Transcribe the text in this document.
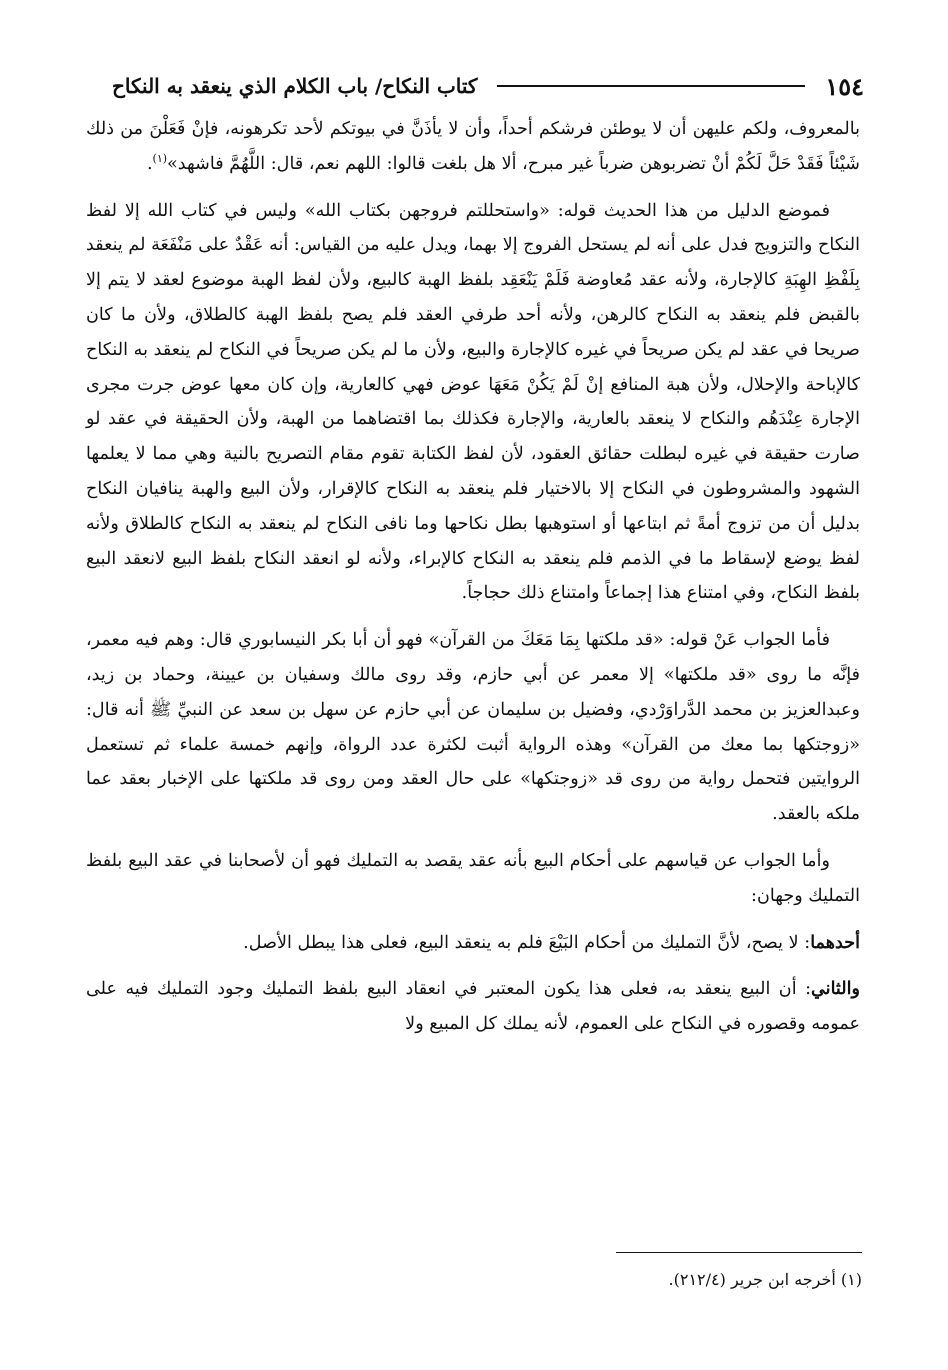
١٥٤
كتاب النكاح/ باب الكلام الذي ينعقد به النكاح

بالمعروف، ولكم عليهن أن لا يوطئن فرشكم أحداً، وأن لا يأذَنَّ في بيوتكم لأحد تكرهونه، فإنْ فَعَلْنَ من ذلك شَيْئاً فَقَدْ حَلَّ لَكُمْ أنْ تضربوهن ضرباً غير مبرح، ألا هل بلغت قالوا: اللهم نعم، قال: اللَّهُمَّ فاشهد»$^{(١)}$.

فموضع الدليل من هذا الحديث قوله: «واستحللتم فروجهن بكتاب الله» وليس في كتاب الله إلا لفظ النكاح والتزويج فدل على أنه لم يستحل الفروج إلا بهما، ويدل عليه من القياس: أنه عَقْدٌ على مَنْفَعَة لم ينعقد بِلَفْظِ الهِبَةِ كالإجارة، ولأنه عقد مُعاوضة فَلَمْ يَنْعَقِد بلفظ الهبة كالبيع، ولأن لفظ الهبة موضوع لعقد لا يتم إلا بالقبض فلم ينعقد به النكاح كالرهن، ولأنه أحد طرفي العقد فلم يصح بلفظ الهبة كالطلاق، ولأن ما كان صريحا في عقد لم يكن صريحاً في غيره كالإجارة والبيع، ولأن ما لم يكن صريحاً في النكاح لم ينعقد به النكاح كالإباحة والإحلال، ولأن هبة المنافع إنْ لَمْ يَكُنْ مَعَهَا عوض فهي كالعارية، وإن كان معها عوض جرت مجرى الإجارة عِنْدَهُم والنكاح لا ينعقد بالعارية، والإجارة فكذلك بما اقتضاهما من الهبة، ولأن الحقيقة في عقد لو صارت حقيقة في غيره لبطلت حقائق العقود، لأن لفظ الكتابة تقوم مقام التصريح بالنية وهي مما لا يعلمها الشهود والمشروطون في النكاح إلا بالاختيار فلم ينعقد به النكاح كالإقرار، ولأن البيع والهبة ينافيان النكاح بدليل أن من تزوج أمةً ثم ابتاعها أو استوهبها بطل نكاحها وما نافى النكاح لم ينعقد به النكاح كالطلاق ولأنه لفظ يوضع لإسقاط ما في الذمم فلم ينعقد به النكاح كالإبراء، ولأنه لو انعقد النكاح بلفظ البيع لانعقد البيع بلفظ النكاح، وفي امتناع هذا إجماعاً وامتناع ذلك حجاجاً.

فأما الجواب عَنْ قوله: «قد ملكتها بِمَا مَعَكَ من القرآن» فهو أن أبا بكر النيسابوري قال: وهم فيه معمر، فإنَّه ما روى «قد ملكتها» إلا معمر عن أبي حازم، وقد روى مالك وسفيان بن عيينة، وحماد بن زيد، وعبدالعزيز بن محمد الدَّراوَرْدي، وفضيل بن سليمان عن أبي حازم عن سهل بن سعد عن النبيِّ ﷺ أنه قال: «زوجتكها بما معك من القرآن» وهذه الرواية أثبت لكثرة عدد الرواة، وإنهم خمسة علماء ثم تستعمل الروايتين فتحمل رواية من روى قد «زوجتكها» على حال العقد ومن روى قد ملكتها على الإخبار بعقد عما ملكه بالعقد.

وأما الجواب عن قياسهم على أحكام البيع بأنه عقد يقصد به التمليك فهو أن لأصحابنا في عقد البيع بلفظ التمليك وجهان:

أحدهما: لا يصح، لأنَّ التمليك من أحكام البَيْعَ فلم به ينعقد البيع، فعلى هذا يبطل الأصل.

والثاني: أن البيع ينعقد به، فعلى هذا يكون المعتبر في انعقاد البيع بلفظ التمليك وجود التمليك فيه على عمومه وقصوره في النكاح على العموم، لأنه يملك كل المبيع ولا

(١) أخرجه ابن جرير (٢١٢/٤).
